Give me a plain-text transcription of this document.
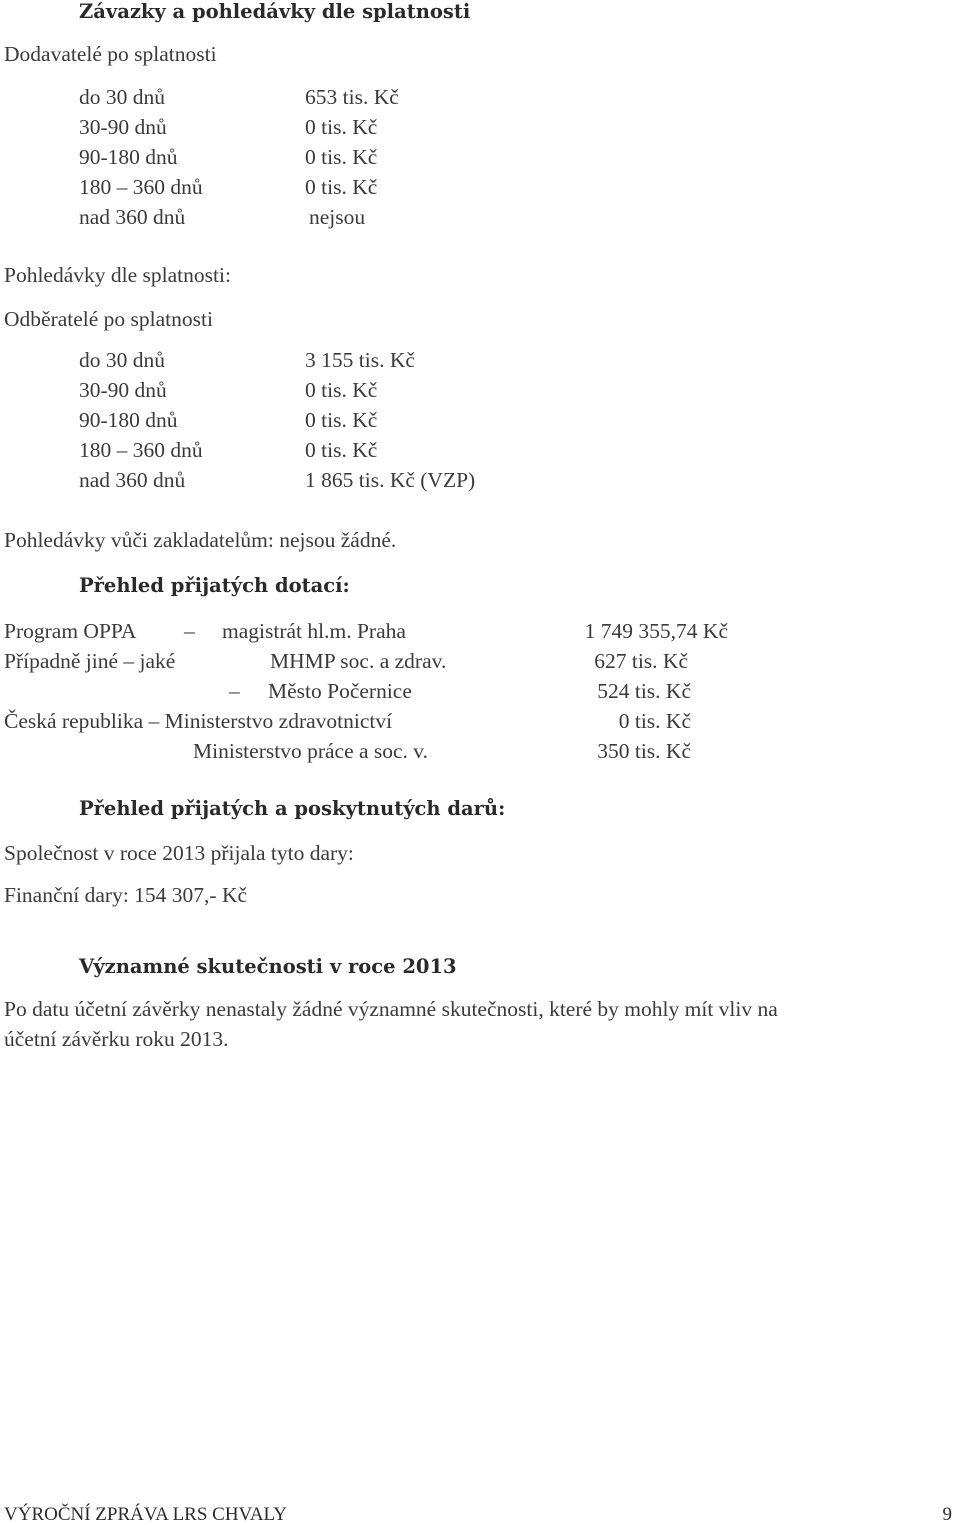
Závazky a pohledávky dle splatnosti
Dodavatelé po splatnosti
do 30 dnů	653 tis. Kč
30-90 dnů	0 tis. Kč
90-180 dnů	0 tis. Kč
180 – 360 dnů	0 tis. Kč
nad 360 dnů	nejsou
Pohledávky dle splatnosti:
Odběratelé po splatnosti
do 30 dnů	3 155 tis. Kč
30-90 dnů	0 tis. Kč
90-180 dnů	0 tis. Kč
180 – 360 dnů	0 tis. Kč
nad 360 dnů	1 865 tis. Kč (VZP)
Pohledávky vůči zakladatelům: nejsou žádné.
Přehled přijatých dotací:
Program OPPA – magistrát hl.m. Praha	1 749 355,74 Kč
Případně jiné – jaké	MHMP soc. a zdrav.	627 tis. Kč
– Město Počernice	524 tis. Kč
Česká republika – Ministerstvo zdravotnictví	0 tis. Kč
Ministerstvo práce a soc. v.	350 tis. Kč
Přehled přijatých a poskytnutých darů:
Společnost v roce 2013 přijala tyto dary:
Finanční dary: 154 307,- Kč
Významné skutečnosti v roce 2013
Po datu účetní závěrky nenastaly žádné významné skutečnosti, které by mohly mít vliv na
účetní závěrku roku 2013.
VÝROČNÍ ZPRÁVA LRS CHVALY	9
